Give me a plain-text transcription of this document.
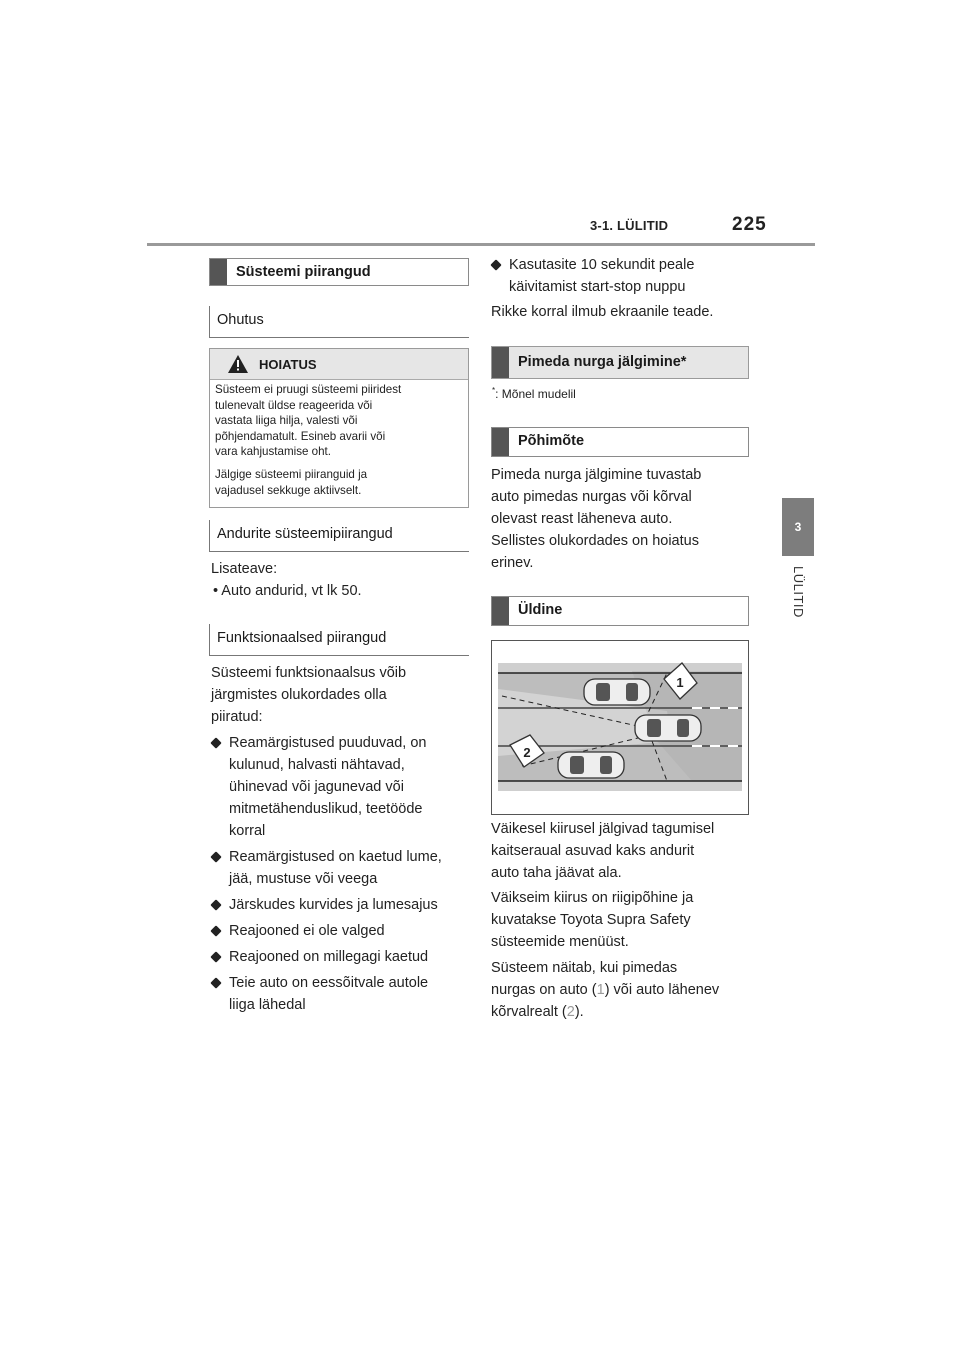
3-1. LÜLITID	225
3
LÜLITID
Süsteemi piirangud
Ohutus
HOIATUS
Süsteem ei pruugi süsteemi piiridest
tulenevalt üldse reageerida või
vastata liiga hilja, valesti või
põhjendamatult. Esineb avarii või
vara kahjustamise oht.
Jälgige süsteemi piiranguid ja
vajadusel sekkuge aktiivselt.
Andurite süsteemipiirangud
Lisateave:
• Auto andurid, vt lk 50.
Funktsionaalsed piirangud
Süsteemi funktsionaalsus võib
järgmistes olukordades olla
piiratud:
Reamärgistused puuduvad, on
kulunud, halvasti nähtavad,
ühinevad või jagunevad või
mitmetähenduslikud, teetööde
korral
Reamärgistused on kaetud lume,
jää, mustuse või veega
Järskudes kurvides ja lumesajus
Reajooned ei ole valged
Reajooned on millegagi kaetud
Teie auto on eessõitvale autole
liiga lähedal
Kasutasite 10 sekundit peale
käivitamist start-stop nuppu
Rikke korral ilmub ekraanile teade.
Pimeda nurga jälgimine*
*: Mõnel mudelil
Põhimõte
Pimeda nurga jälgimine tuvastab
auto pimedas nurgas või kõrval
olevast reast läheneva auto.
Sellistes olukordades on hoiatus
erinev.
Üldine
1
2
Väikesel kiirusel jälgivad tagumisel
kaitseraual asuvad kaks andurit
auto taha jäävat ala.
Väikseim kiirus on riigipõhine ja
kuvatakse Toyota Supra Safety
süsteemide menüüst.
Süsteem näitab, kui pimedas
nurgas on auto (1) või auto lähenev
kõrvalrealt (2).
